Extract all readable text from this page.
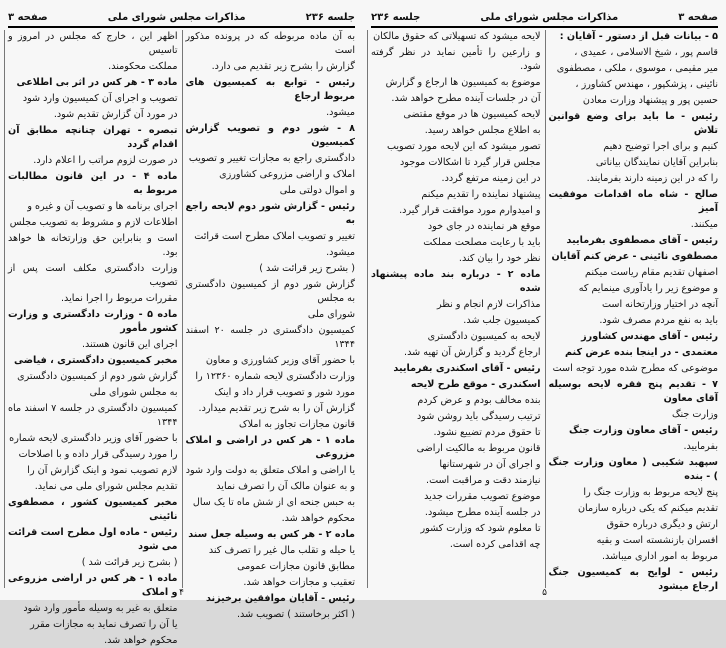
جلسه ۲۳۶
مذاکرات مجلس شورای ملی
صفحه ۳

به آن ماده مربوطه که در پرونده مذکور است

گزارش را بشرح زیر تقدیم می دارد.

رئیس - توابع به کمیسیون های مربوط ارجاع

میشود.

۸ - شور دوم و تصویب گزارش کمیسیون

دادگستری راجع به مجازات تغییر و تصویب

املاک و اراضی مزروعی کشاورزی

و اموال دولتی ملی

رئیس - گزارش شور دوم لایحه راجع به

تغییر و تصویب املاک مطرح است قرائت

میشود.

( بشرح زیر قرائت شد )

گزارش شور دوم از کمیسیون دادگستری به مجلس

شورای ملی

کمیسیون دادگستری در جلسه ۲۰ اسفند ۱۳۴۴

با حضور آقای وزیر کشاورزی و معاون

وزارت دادگستری لایحه شماره ۱۲۳۶۰ را

مورد شور و تصویب قرار داد و اینک

گزارش آن را به شرح زیر تقدیم میدارد.

قانون مجازات تجاوز به املاک

ماده ۱ - هر کس در اراضی و املاک مزروعی

یا اراضی و املاک متعلق به دولت وارد شود

و به عنوان مالک آن را تصرف نماید

به حبس جنحه ای از شش ماه تا یک سال

محکوم خواهد شد.

ماده ۲ - هر کس به وسیله جعل سند

یا حیله و تقلب مال غیر را تصرف کند

مطابق قانون مجازات عمومی

تعقیب و مجازات خواهد شد.

رئیس - آقایان موافقین برخیزند

( اکثر برخاستند ) تصویب شد.

اظهر این ، خارج که مجلس در امروز و تاسیس

مملکت محکومند.

ماده ۳ - هر کس در اثر بی اطلاعی

تصویب و اجرای آن کمیسیون وارد شود

در مورد آن گزارش تقدیم شود.

تبصره - تهران چنانچه مطابق آن اقدام گردد

در صورت لزوم مراتب را اعلام دارد.

ماده ۴ - در این قانون مطالبات مربوط به

اجرای برنامه ها و تصویب آن و غیره و

اطلاعات لازم و مشروط به تصویب مجلس

است و بنابراین حق وزارتخانه ها خواهد بود.

وزارت دادگستری مکلف است پس از تصویب

مقررات مربوط را اجرا نماید.

ماده ۵ - وزارت دادگستری و وزارت کشور مأمور

اجرای این قانون هستند.

مخبر کمیسیون دادگستری ، فیاضی

گزارش شور دوم از کمیسیون دادگستری

به مجلس شورای ملی

کمیسیون دادگستری در جلسه ۷ اسفند ماه ۱۳۴۴

با حضور آقای وزیر دادگستری لایحه شماره

را مورد رسیدگی قرار داده و با اصلاحات

لازم تصویب نمود و اینک گزارش آن را

تقدیم مجلس شورای ملی می نماید.

مخبر کمیسیون کشور ، مصطفوی نائینی

رئیس - ماده اول مطرح است قرائت می شود

( بشرح زیر قرائت شد )

ماده ۱ - هر کس در اراضی مزروعی و املاک

متعلق به غیر به وسیله مأمور وارد شود

یا آن را تصرف نماید به مجازات مقرر

محکوم خواهد شد.

۴
صفحه ۳
مذاکرات مجلس شورای ملی
جلسه ۲۳۶

۵ - بیانات قبل از دستور - آقایان :

قاسم پور ، شیخ الاسلامی ، عمیدی ،

میر مقیمی ، موسوی ، ملکی ، مصطفوی

نائینی ، پزشکپور ، مهندس کشاورز ،

حسین پور و پیشنهاد وزارت معادن

رئیس - ما باید برای وضع قوانین تلاش

کنیم و برای اجرا توضیح دهیم

بنابراین آقایان نمایندگان بیاناتی

را که در این زمینه دارند بفرمایند.

صالح - شاه ماه اقدامات موفقیت آمیز

میکنند.

رئیس - آقای مصطفوی بفرمایید

مصطفوی نائینی - عرض کنم آقایان

اصفهان تقدیم مقام ریاست میکنم

و موضوع زیر را یادآوری مینمایم که

آنچه در اختیار وزارتخانه است

باید به نفع مردم مصرف شود.

رئیس - آقای مهندس کشاورز

معتمدی - در اینجا بنده عرض کنم

موضوعی که مطرح شده مورد توجه است

۷ - تقدیم پنج فقره لایحه بوسیله آقای معاون

وزارت جنگ

رئیس - آقای معاون وزارت جنگ

بفرمایید.

سپهبد شکیبی ( معاون وزارت جنگ ) - بنده

پنج لایحه مربوط به وزارت جنگ را

تقدیم میکنم که یکی درباره سازمان

ارتش و دیگری درباره حقوق

افسران بازنشسته است و بقیه

مربوط به امور اداری میباشد.

رئیس - لوایح به کمیسیون جنگ ارجاع میشود

لایحه میشود که تسهیلاتی که حقوق مالکان

و زارعین را تأمین نماید در نظر گرفته شود.

موضوع به کمیسیون ها ارجاع و گزارش

آن در جلسات آینده مطرح خواهد شد.

لایحه کمیسیون ها در موقع مقتضی

به اطلاع مجلس خواهد رسید.

تصور میشود که این لایحه مورد تصویب

مجلس قرار گیرد تا اشکالات موجود

در این زمینه مرتفع گردد.

پیشنهاد نماینده را تقدیم میکنم

و امیدوارم مورد موافقت قرار گیرد.

موقع هر نماینده در جای خود

باید با رعایت مصلحت مملکت

نظر خود را بیان کند.

ماده ۲ - درباره بند ماده پیشنهاد شده

مذاکرات لازم انجام و نظر

کمیسیون جلب شد.

لایحه به کمیسیون دادگستری

ارجاع گردید و گزارش آن تهیه شد.

رئیس - آقای اسکندری بفرمایید

اسکندری - موقع طرح لایحه

بنده مخالف بودم و عرض کردم

ترتیب رسیدگی باید روشن شود

تا حقوق مردم تضییع نشود.

قانون مربوط به مالکیت اراضی

و اجرای آن در شهرستانها

نیازمند دقت و مراقبت است.

موضوع تصویب مقررات جدید

در جلسه آینده مطرح میشود.

تا معلوم شود که وزارت کشور

چه اقدامی کرده است.

۵
